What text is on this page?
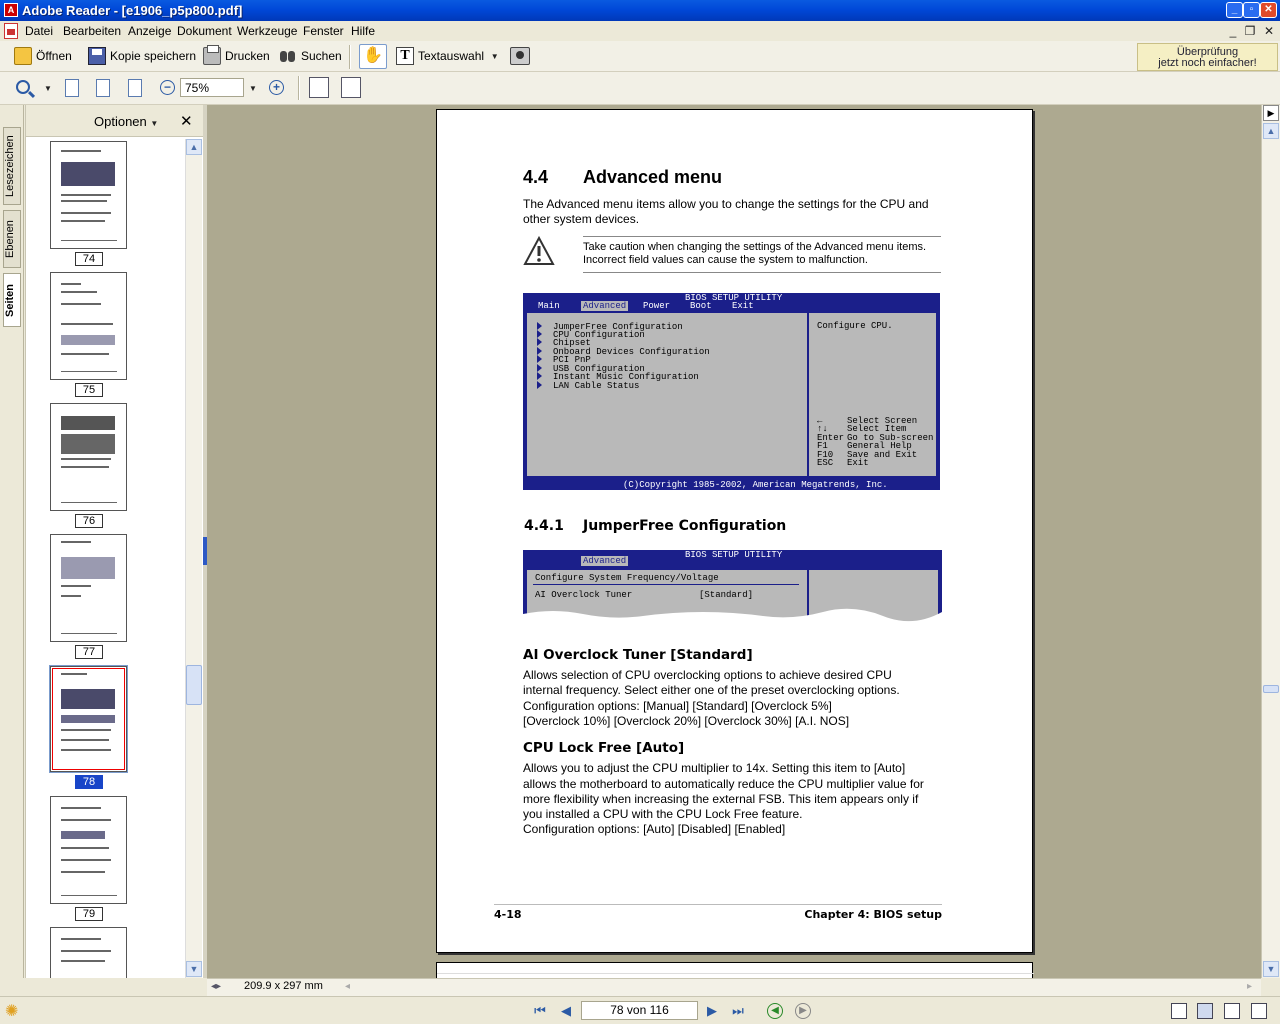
A Adobe Reader - [e1906_p5p800.pdf]	_	▫	✕
Datei Bearbeiten Anzeige Dokument Werkzeuge Fenster Hilfe	_ ❐ ✕
Öffnen	Kopie speichern Drucken	Suchen ✋	T Textauswahl
▼	Überprüfung
jetzt noch einfacher!
▼	−	75%	▼	+
Lesezeichen
Ebenen
Seiten
Optionen ▼ ✕
74
75
76
77
78
79
▲
▼
4.4 Advanced menu
The Advanced menu items allow you to change the settings for the CPU and other system devices.
Take caution when changing the settings of the Advanced menu items. Incorrect field values can cause the system to malfunction.
BIOS SETUP UTILITY
Main	Advanced Power Boot Exit
JumperFree Configuration
CPU Configuration
Chipset
Onboard Devices Configuration
PCI PnP
USB Configuration
Instant Music Configuration
LAN Cable Status
Configure CPU.
←	Select Screen
↑↓ Select Item
Enter Go to Sub-screen
F1 General Help
F10 Save and Exit
ESC Exit
(C)Copyright 1985-2002, American Megatrends, Inc.
4.4.1 JumperFree Configuration
BIOS SETUP UTILITY
Advanced
Configure System Frequency/Voltage
AI Overclock Tuner	[Standard]
AI Overclock Tuner [Standard]
Allows selection of CPU overclocking options to achieve desired CPU
internal frequency. Select either one of the preset overclocking options.
Configuration options: [Manual] [Standard] [Overclock 5%]
[Overclock 10%] [Overclock 20%] [Overclock 30%] [A.I. NOS]
CPU Lock Free [Auto]
Allows you to adjust the CPU multiplier to 14x. Setting this item to [Auto]
allows the motherboard to automatically reduce the CPU multiplier value for
more flexibility when increasing the external FSB. This item appears only if
you installed a CPU with the CPU Lock Free feature.
Configuration options: [Auto] [Disabled] [Enabled]
4-18	Chapter 4: BIOS setup
▶
▲
▼
◂▸	◂	▸
209.9 x 297 mm
✺	⏮ ◀	78 von 116	▶ ⏭	◀	▶
